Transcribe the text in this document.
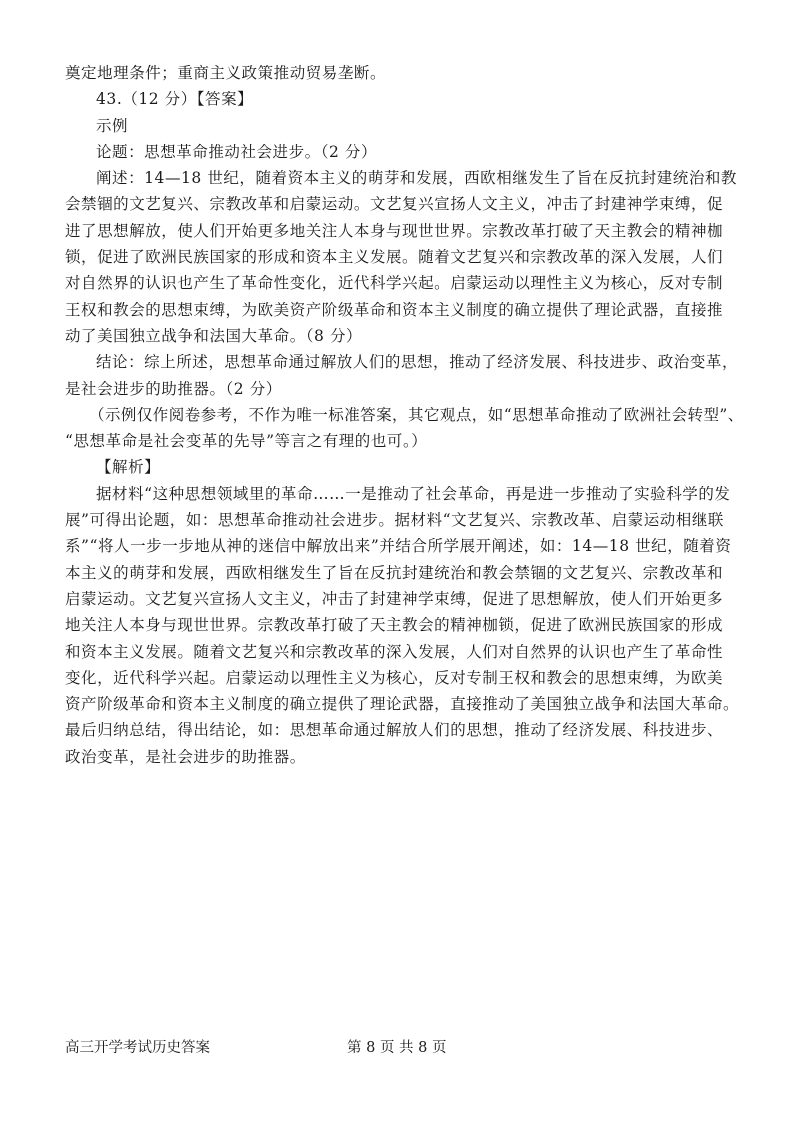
奠定地理条件；重商主义政策推动贸易垄断。
43.（12 分）【答案】
示例
论题：思想革命推动社会进步。（2 分）
阐述：14—18 世纪，随着资本主义的萌芽和发展，西欧相继发生了旨在反抗封建统治和教
会禁锢的文艺复兴、宗教改革和启蒙运动。文艺复兴宣扬人文主义，冲击了封建神学束缚，促
进了思想解放，使人们开始更多地关注人本身与现世世界。宗教改革打破了天主教会的精神枷
锁，促进了欧洲民族国家的形成和资本主义发展。随着文艺复兴和宗教改革的深入发展，人们
对自然界的认识也产生了革命性变化，近代科学兴起。启蒙运动以理性主义为核心，反对专制
王权和教会的思想束缚，为欧美资产阶级革命和资本主义制度的确立提供了理论武器，直接推
动了美国独立战争和法国大革命。（8 分）
结论：综上所述，思想革命通过解放人们的思想，推动了经济发展、科技进步、政治变革，
是社会进步的助推器。（2 分）
（示例仅作阅卷参考，不作为唯一标准答案，其它观点，如“思想革命推动了欧洲社会转型”、
“思想革命是社会变革的先导”等言之有理的也可。）
【解析】
据材料“这种思想领域里的革命……一是推动了社会革命，再是进一步推动了实验科学的发
展”可得出论题，如：思想革命推动社会进步。据材料“文艺复兴、宗教改革、启蒙运动相继联
系”“将人一步一步地从神的迷信中解放出来”并结合所学展开阐述，如：14—18 世纪，随着资
本主义的萌芽和发展，西欧相继发生了旨在反抗封建统治和教会禁锢的文艺复兴、宗教改革和
启蒙运动。文艺复兴宣扬人文主义，冲击了封建神学束缚，促进了思想解放，使人们开始更多
地关注人本身与现世世界。宗教改革打破了天主教会的精神枷锁，促进了欧洲民族国家的形成
和资本主义发展。随着文艺复兴和宗教改革的深入发展，人们对自然界的认识也产生了革命性
变化，近代科学兴起。启蒙运动以理性主义为核心，反对专制王权和教会的思想束缚，为欧美
资产阶级革命和资本主义制度的确立提供了理论武器，直接推动了美国独立战争和法国大革命。
最后归纳总结，得出结论，如：思想革命通过解放人们的思想，推动了经济发展、科技进步、
政治变革，是社会进步的助推器。
高三开学考试历史答案	第 8 页 共 8 页
